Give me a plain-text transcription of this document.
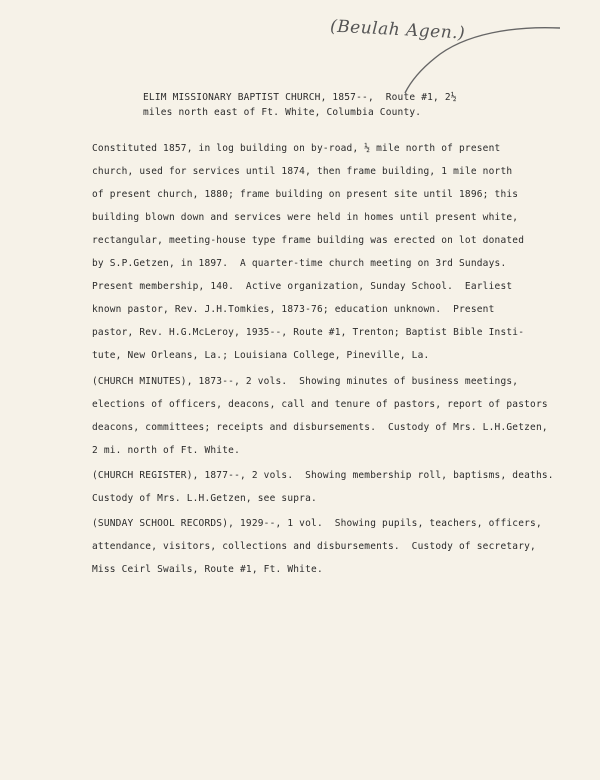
(Beulah Agen.)
ELIM MISSIONARY BAPTIST CHURCH, 1857--,  Route #1, 2½
miles north east of Ft. White, Columbia County.
Constituted 1857, in log building on by-road, ½ mile north of present
church, used for services until 1874, then frame building, 1 mile north
of present church, 1880; frame building on present site until 1896; this
building blown down and services were held in homes until present white,
rectangular, meeting-house type frame building was erected on lot donated
by S.P.Getzen, in 1897.  A quarter-time church meeting on 3rd Sundays.
Present membership, 140.  Active organization, Sunday School.  Earliest
known pastor, Rev. J.H.Tomkies, 1873-76; education unknown.  Present
pastor, Rev. H.G.McLeroy, 1935--, Route #1, Trenton; Baptist Bible Insti-
tute, New Orleans, La.; Louisiana College, Pineville, La.
(CHURCH MINUTES), 1873--, 2 vols.  Showing minutes of business meetings,
elections of officers, deacons, call and tenure of pastors, report of pastors
deacons, committees; receipts and disbursements.  Custody of Mrs. L.H.Getzen,
2 mi. north of Ft. White.
(CHURCH REGISTER), 1877--, 2 vols.  Showing membership roll, baptisms, deaths.
Custody of Mrs. L.H.Getzen, see supra.
(SUNDAY SCHOOL RECORDS), 1929--, 1 vol.  Showing pupils, teachers, officers,
attendance, visitors, collections and disbursements.  Custody of secretary,
Miss Ceirl Swails, Route #1, Ft. White.
